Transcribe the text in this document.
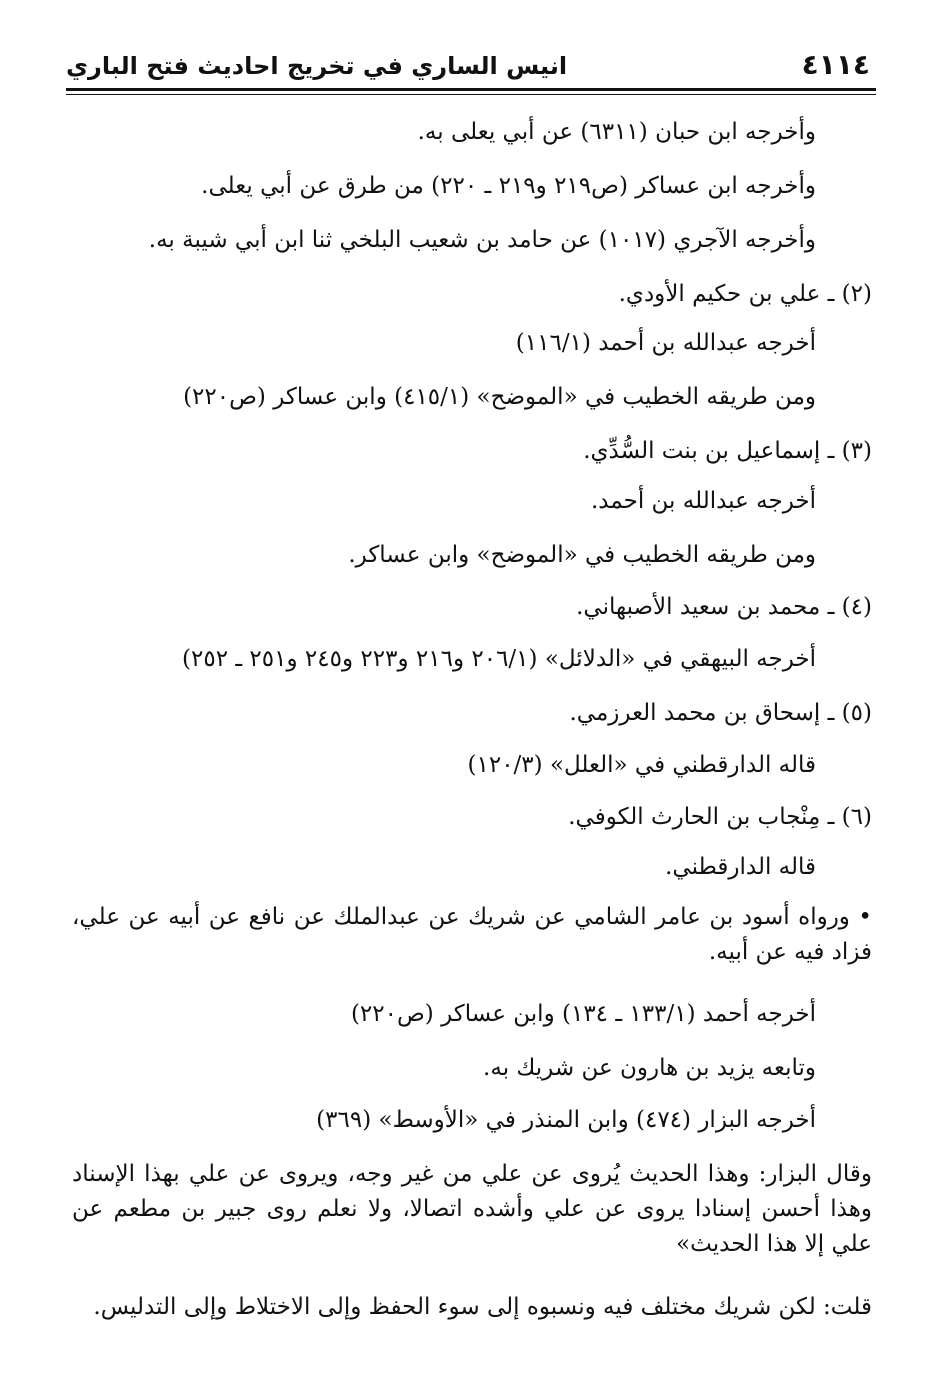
٤١١٤
انيس الساري في تخريج احاديث فتح الباري
وأخرجه ابن حبان (٦٣١١) عن أبي يعلى به.
وأخرجه ابن عساكر (ص٢١٩ و٢١٩ ـ ٢٢٠) من طرق عن أبي يعلى.
وأخرجه الآجري (١٠١٧) عن حامد بن شعيب البلخي ثنا ابن أبي شيبة به.
(٢) ـ علي بن حكيم الأودي.
أخرجه عبدالله بن أحمد (١١٦/١)
ومن طريقه الخطيب في «الموضح» (٤١٥/١) وابن عساكر (ص٢٢٠)
(٣) ـ إسماعيل بن بنت السُّدِّي.
أخرجه عبدالله بن أحمد.
ومن طريقه الخطيب في «الموضح» وابن عساكر.
(٤) ـ محمد بن سعيد الأصبهاني.
أخرجه البيهقي في «الدلائل» (٢٠٦/١ و٢١٦ و٢٢٣ و٢٤٥ و٢٥١ ـ ٢٥٢)
(٥) ـ إسحاق بن محمد العرزمي.
قاله الدارقطني في «العلل» (١٢٠/٣)
(٦) ـ مِنْجاب بن الحارث الكوفي.
قاله الدارقطني.
• ورواه أسود بن عامر الشامي عن شريك عن عبدالملك عن نافع عن أبيه عن علي، فزاد فيه عن أبيه.
أخرجه أحمد (١٣٣/١ ـ ١٣٤) وابن عساكر (ص٢٢٠)
وتابعه يزيد بن هارون عن شريك به.
أخرجه البزار (٤٧٤) وابن المنذر في «الأوسط» (٣٦٩)
وقال البزار: وهذا الحديث يُروى عن علي من غير وجه، ويروى عن علي بهذا الإسناد وهذا أحسن إسنادا يروى عن علي وأشده اتصالا، ولا نعلم روى جبير بن مطعم عن علي إلا هذا الحديث»
قلت: لكن شريك مختلف فيه ونسبوه إلى سوء الحفظ وإلى الاختلاط وإلى التدليس.
